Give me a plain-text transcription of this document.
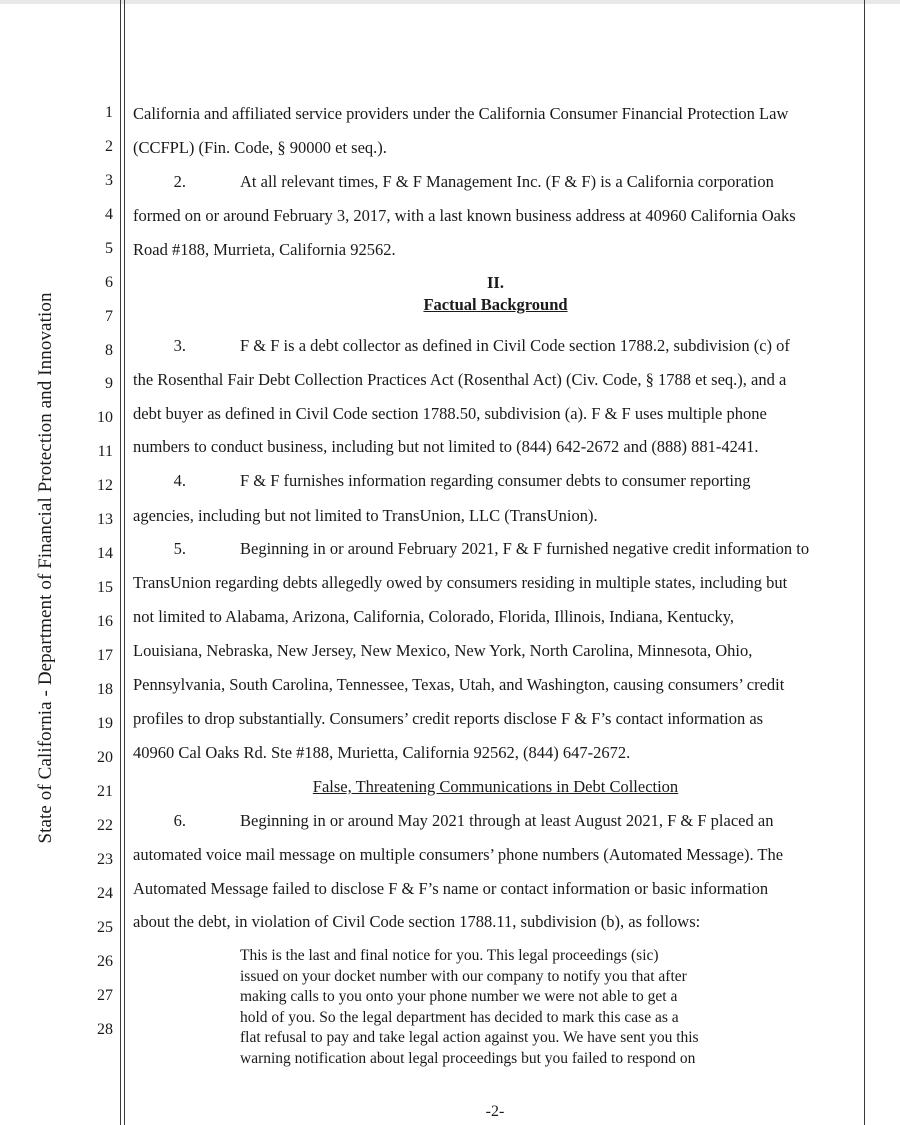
State of California - Department of Financial Protection and Innovation
1
2
3
4
5
6
7
8
9
10
11
12
13
14
15
16
17
18
19
20
21
22
23
24
25
26
27
28
California and affiliated service providers under the California Consumer Financial Protection Law
(CCFPL) (Fin. Code, § 90000 et seq.).
2.	At all relevant times, F & F Management Inc. (F & F) is a California corporation
formed on or around February 3, 2017, with a last known business address at 40960 California Oaks
Road #188, Murrieta, California 92562.
II.
Factual Background
3.	F & F is a debt collector as defined in Civil Code section 1788.2, subdivision (c) of
the Rosenthal Fair Debt Collection Practices Act (Rosenthal Act) (Civ. Code, § 1788 et seq.), and a
debt buyer as defined in Civil Code section 1788.50, subdivision (a). F & F uses multiple phone
numbers to conduct business, including but not limited to (844) 642-2672 and (888) 881-4241.
4.	F & F furnishes information regarding consumer debts to consumer reporting
agencies, including but not limited to TransUnion, LLC (TransUnion).
5.	Beginning in or around February 2021, F & F furnished negative credit information to
TransUnion regarding debts allegedly owed by consumers residing in multiple states, including but
not limited to Alabama, Arizona, California, Colorado, Florida, Illinois, Indiana, Kentucky,
Louisiana, Nebraska, New Jersey, New Mexico, New York, North Carolina, Minnesota, Ohio,
Pennsylvania, South Carolina, Tennessee, Texas, Utah, and Washington, causing consumers’ credit
profiles to drop substantially. Consumers’ credit reports disclose F & F’s contact information as
40960 Cal Oaks Rd. Ste #188, Murietta, California 92562, (844) 647-2672.
False, Threatening Communications in Debt Collection
6.	Beginning in or around May 2021 through at least August 2021, F & F placed an
automated voice mail message on multiple consumers’ phone numbers (Automated Message). The
Automated Message failed to disclose F & F’s name or contact information or basic information
about the debt, in violation of Civil Code section 1788.11, subdivision (b), as follows:
This is the last and final notice for you. This legal proceedings (sic)
issued on your docket number with our company to notify you that after
making calls to you onto your phone number we were not able to get a
hold of you. So the legal department has decided to mark this case as a
flat refusal to pay and take legal action against you. We have sent you this
warning notification about legal proceedings but you failed to respond on
-2-
